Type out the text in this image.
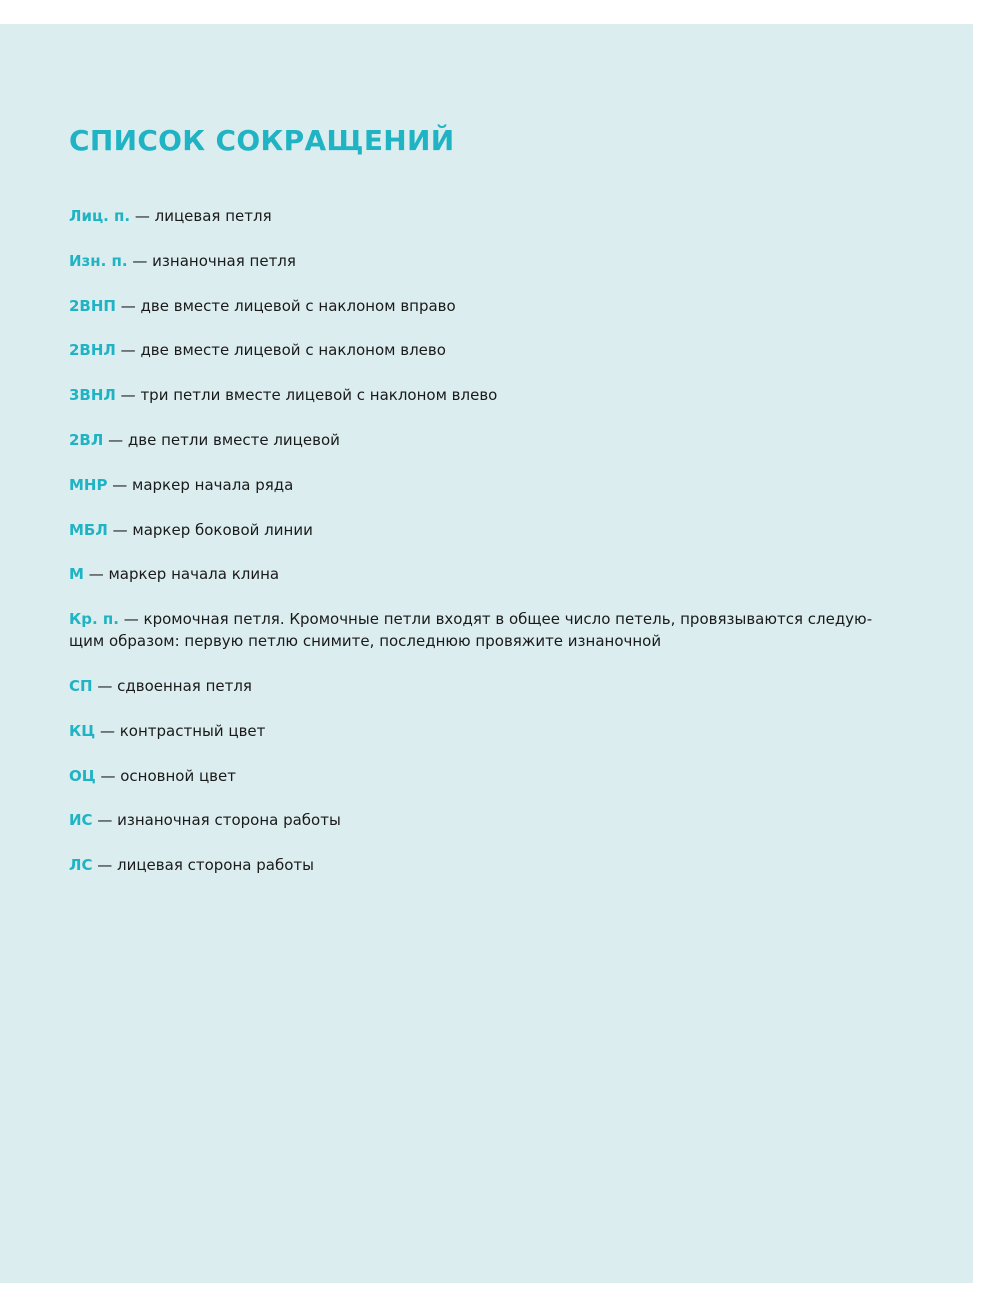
СПИСОК СОКРАЩЕНИЙ
Лиц. п. — лицевая петля
Изн. п. — изнаночная петля
2ВНП — две вместе лицевой с наклоном вправо
2ВНЛ — две вместе лицевой с наклоном влево
3ВНЛ — три петли вместе лицевой с наклоном влево
2ВЛ — две петли вместе лицевой
МНР — маркер начала ряда
МБЛ — маркер боковой линии
М — маркер начала клина
Кр. п. — кромочная петля. Кромочные петли входят в общее число петель, провязываются следую-щим образом: первую петлю снимите, последнюю провяжите изнаночной
СП — сдвоенная петля
КЦ — контрастный цвет
ОЦ — основной цвет
ИС — изнаночная сторона работы
ЛС — лицевая сторона работы
